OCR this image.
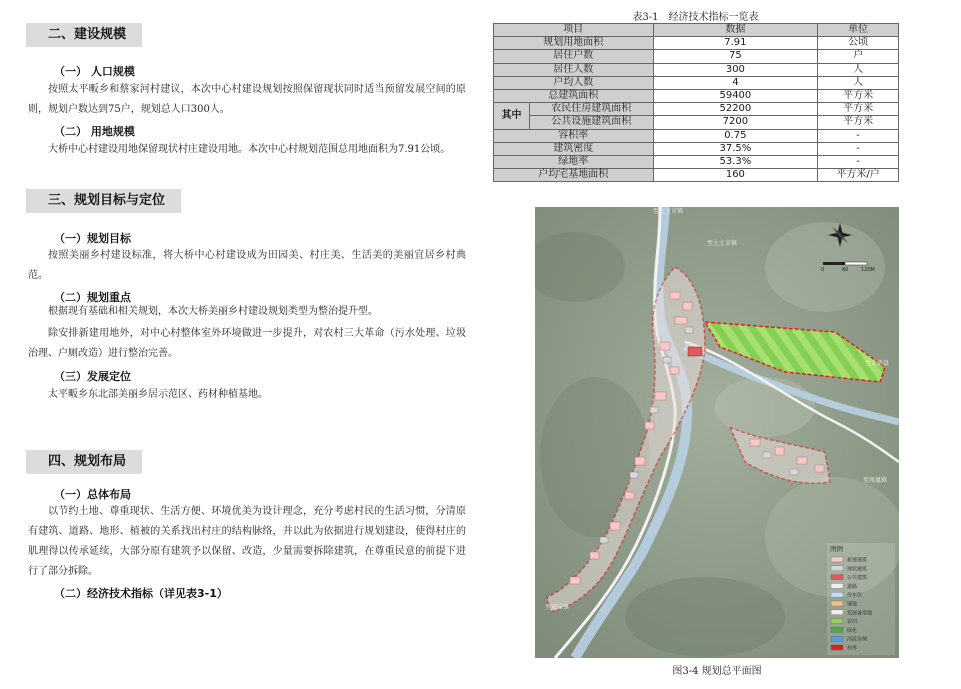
二、建设规模
（一） 人口规模
按照太平畈乡和蔡家河村建议，本次中心村建设规划按照保留现状同时适当预留发展空间的原则，规划户数达到75户，规划总人口300人。
（二） 用地规模
大桥中心村建设用地保留现状村庄建设用地。本次中心村规划范围总用地面积为7.91公顷。
三、规划目标与定位
（一）规划目标
按照美丽乡村建设标准，将大桥中心村建设成为田园美、村庄美、生活美的美丽宜居乡村典范。
（二）规划重点
根据现有基础和相关规划，本次大桥美丽乡村建设规划类型为整治提升型。
除安排新建用地外，对中心村整体室外环境做进一步提升，对农村三大革命（污水处理、垃圾治理、户厕改造）进行整治完善。
（三）发展定位
太平畈乡东北部美丽乡居示范区、药材种植基地。
四、规划布局
（一）总体布局
以节约土地、尊重现状、生活方便、环境优美为设计理念，充分考虑村民的生活习惯，分清原有建筑、道路、地形、植被的关系找出村庄的结构脉络，并以此为依据进行规划建设，使得村庄的肌理得以传承延续，大部分原有建筑予以保留、改造，少量需要拆除建筑，在尊重民意的前提下进行了部分拆除。
（二）经济技术指标（详见表3-1）
表3-1　经济技术指标一览表
项目		数据	单位
规划用地面积		7.91	公顷
居住户数		75	户
居住人数		300	人
户均人数		4	人
总建筑面积		59400	平方米
其中	农民住房建筑面积	52200	平方米
	公共设施建筑面积	7200	平方米
容积率		0.75	-
建筑密度		37.5%	-
绿地率		53.3%	-
户均宅基地面积		160	平方米/户
至上土市镇
至上土市镇
至大悟县
至凤凰镇
至双乐镇
0	60	120M
图例
新建建筑
现状建筑
公共建筑
道路
停车位
铺地
发展备用地
农田
绿化
河流水域
村界
图3-4 规划总平面图
